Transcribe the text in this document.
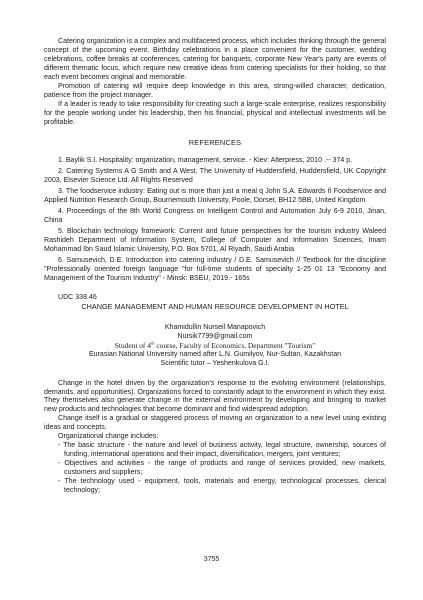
Catering organization is a complex and multifaceted process, which includes thinking through the general concept of the upcoming event. Birthday celebrations in a place convenient for the customer, wedding celebrations, coffee breaks at conferences, catering for banquets, corporate New Year's party are events of different thematic focus, which require new creative ideas from catering specialists for their holding, so that each event becomes original and memorable.

Promotion of catering will require deep knowledge in this area, strong-willed character, dedication, patience from the project manager.

If a leader is ready to take responsibility for creating such a large-scale enterprise, realizes responsibility for the people working under his leadership, then his financial, physical and intellectual investments will be profitable.

REFERENCES

1. Baylik S.I. Hospitality: organization, management, service. - Kiev: Alterpress, 2010 .-- 374 p.

2. Catering Systems A G Smith and A West, The University of Huddersfield, Huddersfield, UK Copyright 2003, Elsevier Science Ltd. All Rights Reserved

3. The foodservice industry: Eating out is more than just a meal q John S.A. Edwards ñ Foodservice and Applied Nutrition Research Group, Bournemouth University, Poole, Dorset, BH12 5BB, United Kingdom

4. Proceedings of the 8th World Congress on Intelligent Control and Automation July 6-9 2010, Jinan, China

5. Blockchain technology framework: Current and future perspectives for the tourism industry Waleed Rashideh Department of Information System, College of Computer and Information Sciences, Imam Mohammad Ibn Saud Islamic University, P.O. Box 5701, Al Riyadh, Saudi Arabia

6. Samusevich, D.E. Introduction into catering industry / D.E. Samusevich // Textbook for the discipline "Professionally oriented foreign language "for full-time students of specialty 1-25 01 13 "Economy and Management of the Tourism Industry" - Minsk: BSEU, 2019.- 165s

UDC 338.46
CHANGE MANAGEMENT AND HUMAN RESOURCE DEVELOPMENT IN HOTEL
Khamidullin Nurseil Manapovich
Nursik7799@gmail.com
Student of 4th course, Faculty of Economics, Department "Tourism"
Eurasian National University named after L.N. Gumilyov, Nur-Sultan, Kazakhstan
Scientific tutor – Yeshenkulova G.I.

Change in the hotel driven by the organization's response to the evolving environment (relationships, demands, and opportunities). Organizations forced to constantly adapt to the environment in which they exist. They themselves also generate change in the external environment by developing and bringing to market new products and technologies that become dominant and find widespread adoption.

Change itself is a gradual or staggered process of moving an organization to a new level using existing ideas and concepts.

Organizational change includes:

- The basic structure - the nature and level of business activity, legal structure, ownership, sources of funding, international operations and their impact, diversification, mergers, joint ventures;

- Objectives and activities - the range of products and range of services provided, new markets, customers and suppliers;

- The technology used - equipment, tools, materials and energy, technological processes, clerical technology;

3755
